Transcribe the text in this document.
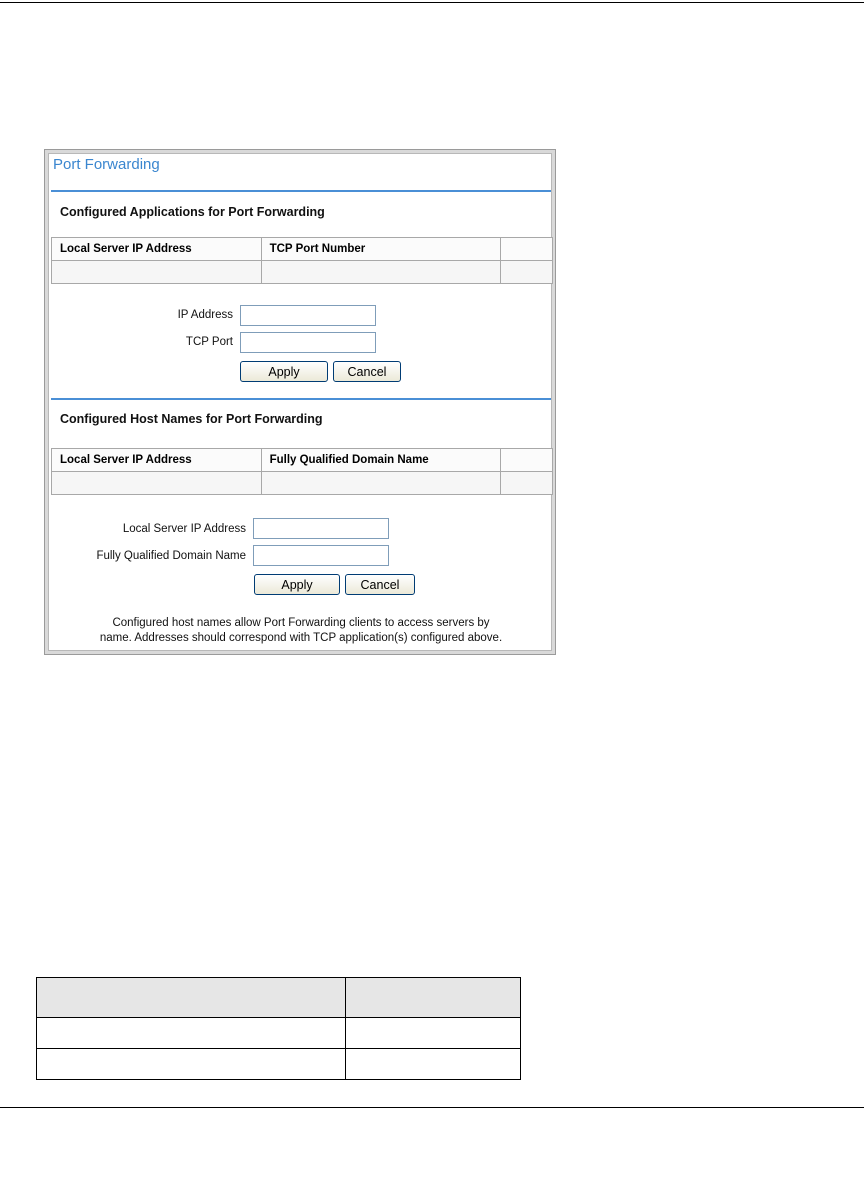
Port Forwarding
Configured Applications for Port Forwarding
Local Server IP Address	TCP Port Number	

IP Address
TCP Port
Apply	Cancel
Configured Host Names for Port Forwarding
Local Server IP Address	Fully Qualified Domain Name	

Local Server IP Address
Fully Qualified Domain Name
Apply	Cancel
Configured host names allow Port Forwarding clients to access servers by
name. Addresses should correspond with TCP application(s) configured above.
